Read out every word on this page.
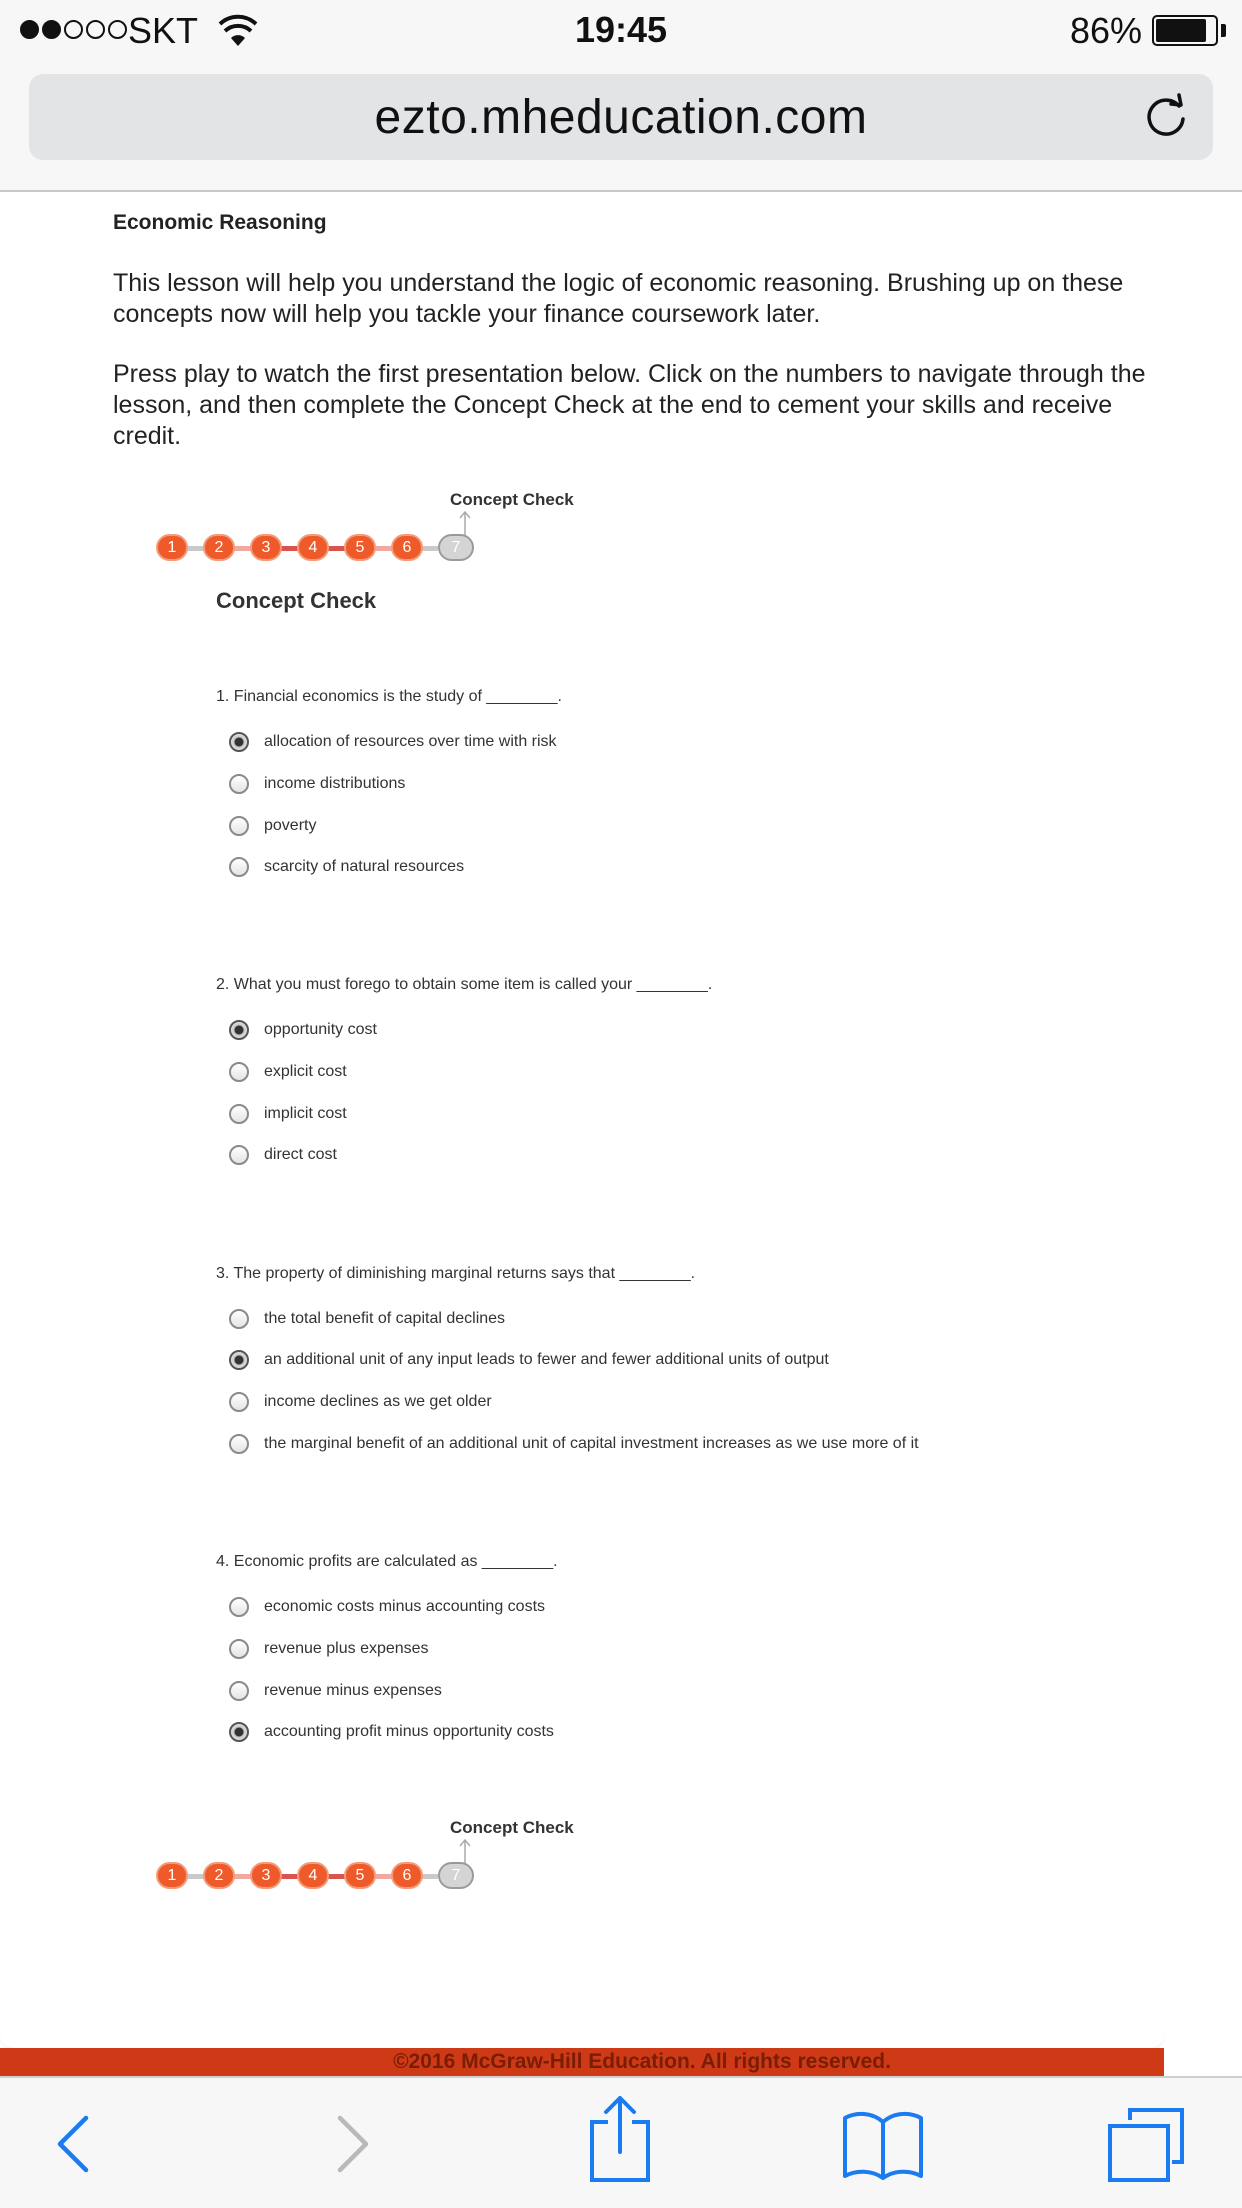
SKT	19:45	86%
ezto.mheducation.com
Economic Reasoning

This lesson will help you understand the logic of economic reasoning. Brushing up on these concepts now will help you tackle your finance coursework later.

Press play to watch the first presentation below. Click on the numbers to navigate through the lesson, and then complete the Concept Check at the end to cement your skills and receive credit.

Concept Check
1	2	3	4	5	6	7
Concept Check
1. Financial economics is the study of ________.
allocation of resources over time with risk
income distributions
poverty
scarcity of natural resources
2. What you must forego to obtain some item is called your ________.
opportunity cost
explicit cost
implicit cost
direct cost
3. The property of diminishing marginal returns says that ________.
the total benefit of capital declines
an additional unit of any input leads to fewer and fewer additional units of output
income declines as we get older
the marginal benefit of an additional unit of capital investment increases as we use more of it
4. Economic profits are calculated as ________.
economic costs minus accounting costs
revenue plus expenses
revenue minus expenses
accounting profit minus opportunity costs
Concept Check
1	2	3	4	5	6	7
©2016 McGraw-Hill Education. All rights reserved.
